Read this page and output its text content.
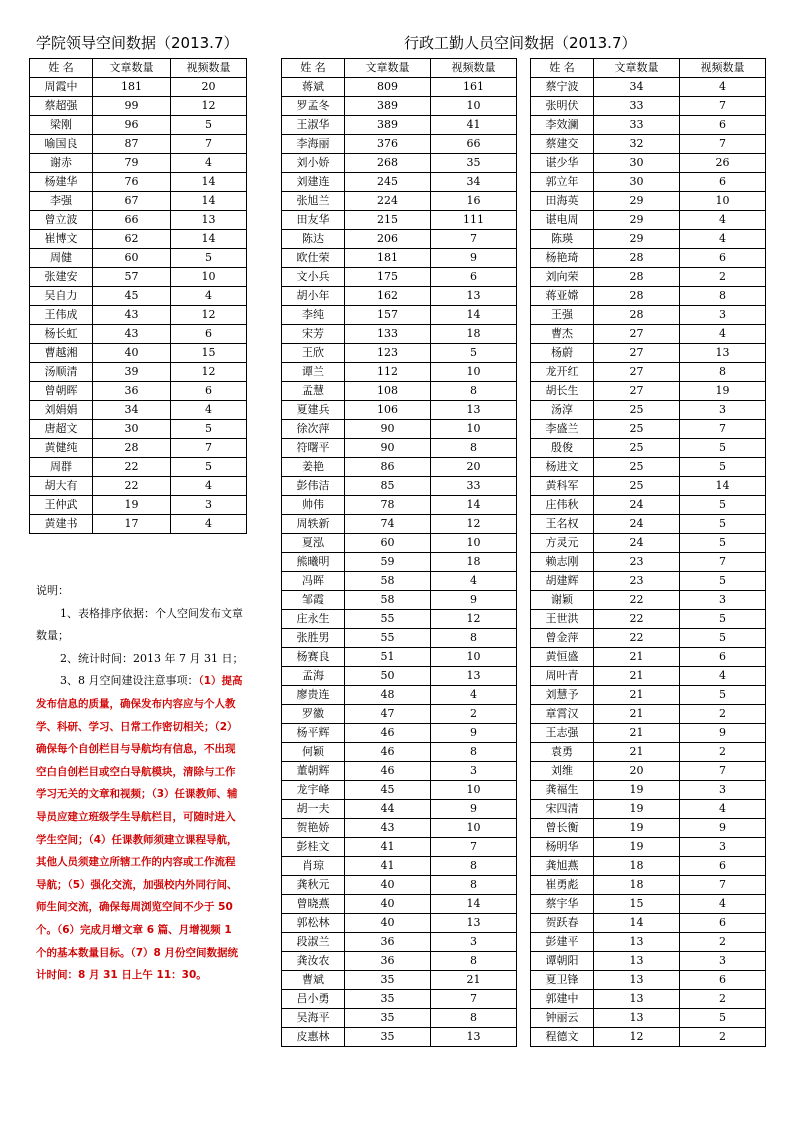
学院领导空间数据（2013.7）	行政工勤人员空间数据（2013.7）
姓 名	文章数量	视频数量
周霞中	181	20
蔡超强	99	12
梁刚	96	5
喻国良	87	7
谢赤	79	4
杨建华	76	14
李强	67	14
曾立波	66	13
崔博文	62	14
周健	60	5
张建安	57	10
吴自力	45	4
王伟成	43	12
杨长虹	43	6
曹越湘	40	15
汤顺清	39	12
曾朝晖	36	6
刘娟娟	34	4
唐超文	30	5
黄健纯	28	7
周群	22	5
胡大有	22	4
王仲武	19	3
黄建书	17	4
姓 名	文章数量	视频数量
蒋斌	809	161
罗孟冬	389	10
王淑华	389	41
李海丽	376	66
刘小娇	268	35
刘建连	245	34
张旭兰	224	16
田友华	215	111
陈达	206	7
欧仕荣	181	9
文小兵	175	6
胡小年	162	13
李纯	157	14
宋芳	133	18
王欣	123	5
谭兰	112	10
孟慧	108	8
夏建兵	106	13
徐次萍	90	10
符曙平	90	8
姜艳	86	20
彭伟洁	85	33
帅伟	78	14
周轶新	74	12
夏泓	60	10
熊曦明	59	18
冯晖	58	4
邹霞	58	9
庄永生	55	12
张胜男	55	8
杨赛良	51	10
孟海	50	13
廖贵连	48	4
罗徽	47	2
杨平辉	46	9
何颖	46	8
董朝辉	46	3
龙宇峰	45	10
胡一夫	44	9
贺艳娇	43	10
彭桂文	41	7
肖琼	41	8
龚秋元	40	8
曾晓燕	40	14
郭松林	40	13
段淑兰	36	3
龚汝农	36	8
曹斌	35	21
吕小勇	35	7
吴海平	35	8
皮惠林	35	13
姓 名	文章数量	视频数量
蔡宁波	34	4
张明伏	33	7
李效澜	33	6
蔡建交	32	7
谌少华	30	26
郭立年	30	6
田海英	29	10
谌电周	29	4
陈瑛	29	4
杨艳琦	28	6
刘向荣	28	2
蒋亚嫦	28	8
王强	28	3
曹杰	27	4
杨蔚	27	13
龙开红	27	8
胡长生	27	19
汤淳	25	3
李盛兰	25	7
殷俊	25	5
杨进文	25	5
黄科军	25	14
庄伟秋	24	5
王名权	24	5
方灵元	24	5
赖志刚	23	7
胡建辉	23	5
谢颖	22	3
王世洪	22	5
曾金萍	22	5
黄恒盛	21	6
周叶青	21	4
刘慧予	21	5
章霄汉	21	2
王志强	21	9
袁勇	21	2
刘维	20	7
龚福生	19	3
宋四清	19	4
曾长衡	19	9
杨明华	19	3
龚旭燕	18	6
崔勇彪	18	7
蔡宇华	15	4
贺跃春	14	6
彭建平	13	2
谭朝阳	13	3
夏卫锋	13	6
郭建中	13	2
钟丽云	13	5
程德文	12	2

说明：

1、表格排序依据：个人空间发布文章数量；

2、统计时间：2013 年 7 月 31 日；

3、8 月空间建设注意事项：（1）提高发布信息的质量，确保发布内容应与个人教学、科研、学习、日常工作密切相关；（2）确保每个自创栏目与导航均有信息，不出现空白自创栏目或空白导航模块，清除与工作学习无关的文章和视频；（3）任课教师、辅导员应建立班级学生导航栏目，可随时进入学生空间；（4）任课教师须建立课程导航，其他人员须建立所辖工作的内容或工作流程导航；（5）强化交流，加强校内外同行间、师生间交流，确保每周浏览空间不少于 50 个。（6）完成月增文章 6 篇、月增视频 1 个的基本数量目标。（7）8 月份空间数据统计时间：8 月 31 日上午 11：30。
